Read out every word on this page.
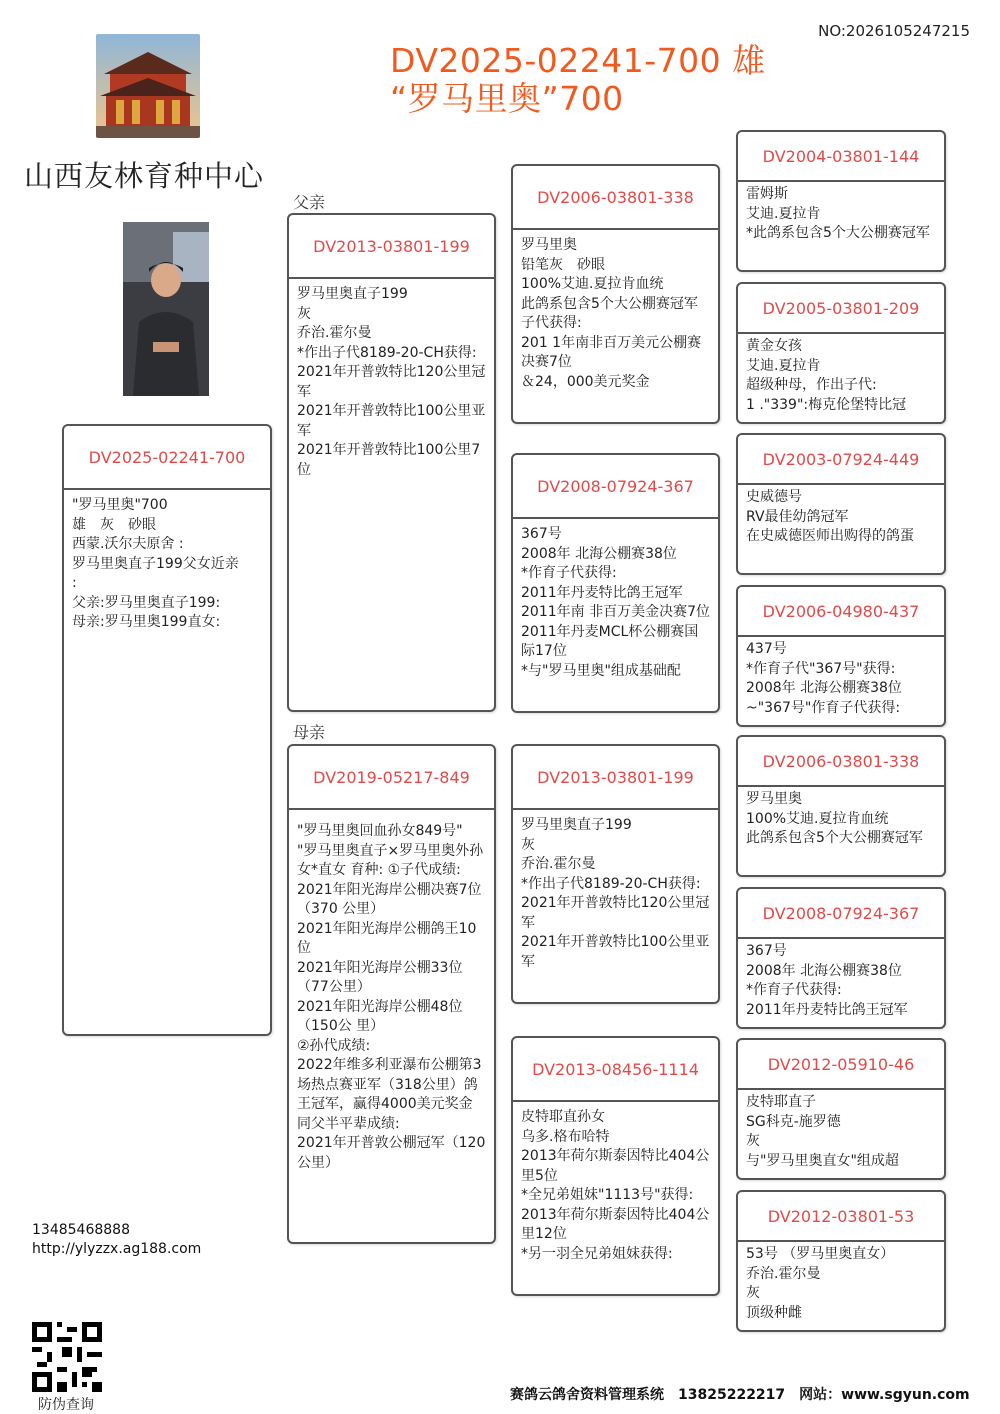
NO:2026105247215
DV2025-02241-700 雄
“罗马里奥”700
山西友林育种中心
父亲
母亲
DV2025-02241-700
"罗马里奥"700
雄　灰　砂眼
西蒙.沃尔夫原舍 :
罗马里奥直子199父女近亲
:
父亲:罗马里奥直子199:
母亲:罗马里奥199直女:
DV2013-03801-199
罗马里奥直子199
灰
乔治.霍尔曼
*作出子代8189-20-CH获得:
2021年开普敦特比120公里冠军
2021年开普敦特比100公里亚军
2021年开普敦特比100公里7位
DV2019-05217-849
"罗马里奥回血孙女849号"
"罗马里奥直子×罗马里奥外孙女*直女 育种: ①子代成绩:
2021年阳光海岸公棚决赛7位（370 公里）
2021年阳光海岸公棚鸽王10位
2021年阳光海岸公棚33位（77公里）
2021年阳光海岸公棚48位（150公 里）
②孙代成绩:
2022年维多利亚瀑布公棚第3场热点赛亚军（318公里）鸽王冠军，赢得4000美元奖金
同父半平辈成绩:
2021年开普敦公棚冠军（120公里）
DV2006-03801-338
罗马里奥
铅笔灰　砂眼
100%艾迪.夏拉肯血统
此鸽系包含5个大公棚赛冠军
子代获得:
201 1年南非百万美元公棚赛决赛7位
＆24，000美元奖金
DV2008-07924-367
367号
2008年 北海公棚赛38位
*作育子代获得:
2011年丹麦特比鸽王冠军
2011年南 非百万美金决赛7位
2011年丹麦MCL杯公棚赛国际17位
*与"罗马里奥"组成基础配
DV2013-03801-199
罗马里奥直子199
灰
乔治.霍尔曼
*作出子代8189-20-CH获得:
2021年开普敦特比120公里冠军
2021年开普敦特比100公里亚军
DV2013-08456-1114
皮特耶直孙女
乌多.格布哈特
2013年荷尔斯泰因特比404公里5位
*全兄弟姐妹"1113号"获得:
2013年荷尔斯泰因特比404公里12位
*另一羽全兄弟姐妹获得:
DV2004-03801-144
雷姆斯
艾迪.夏拉肯
*此鸽系包含5个大公棚赛冠军
DV2005-03801-209
黄金女孩
艾迪.夏拉肯
超级种母，作出子代:
1 ."339":梅克伦堡特比冠
DV2003-07924-449
史威德号
RV最佳幼鸽冠军
在史威德医师出购得的鸽蛋
DV2006-04980-437
437号
*作育子代"367号"获得:
2008年 北海公棚赛38位
~"367号"作育子代获得:
DV2006-03801-338
罗马里奥
100%艾迪.夏拉肯血统
此鸽系包含5个大公棚赛冠军
DV2008-07924-367
367号
2008年 北海公棚赛38位
*作育子代获得:
2011年丹麦特比鸽王冠军
DV2012-05910-46
皮特耶直子
SG科克-施罗德
灰
与"罗马里奥直女"组成超
DV2012-03801-53
53号 （罗马里奥直女）
乔治.霍尔曼
灰
顶级种雌
13485468888
http://ylyzzx.ag188.com
防伪查询
赛鸽云鸽舍资料管理系统　13825222217　网站：www.sgyun.com
